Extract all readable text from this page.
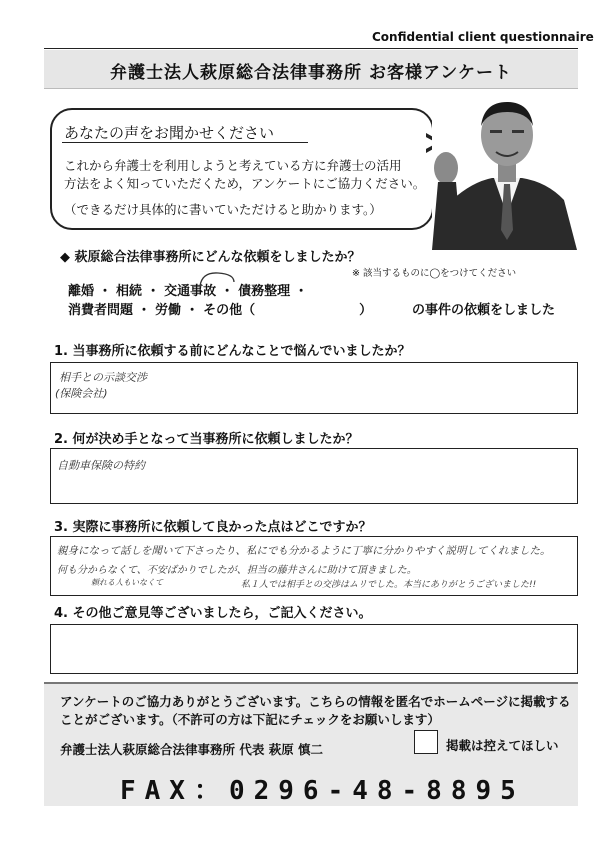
Confidential client questionnaire
弁護士法人萩原総合法律事務所 お客様アンケート
あなたの声をお聞かせください
これから弁護士を利用しようと考えている方に弁護士の活用
方法をよく知っていただくため，アンケートにご協力ください。
（できるだけ具体的に書いていただけると助かります。）
◆ 萩原総合法律事務所にどんな依頼をしましたか？
※ 該当するものに◯をつけてください
離婚 ・ 相続 ・ 交通事故 ・ 債務整理 ・
消費者問題 ・ 労働 ・ その他（　　　　　　　　）	の事件の依頼をしました
1. 当事務所に依頼する前にどんなことで悩んでいましたか？
相手との示談交渉
(保険会社)
2. 何が決め手となって当事務所に依頼しましたか？
自動車保険の特約
3. 実際に事務所に依頼して良かった点はどこですか？
親身になって話しを聞いて下さったり、私にでも分かるように丁寧に分かりやすく説明してくれました。
何も分からなくて、不安ばかりでしたが、担当の藤井さんに助けて頂きました。
頼れる人もいなくて	私１人では相手との交渉はムリでした。本当にありがとうございました!!
4. その他ご意見等ございましたら，ご記入ください。
アンケートのご協力ありがとうございます。こちらの情報を匿名でホームページに掲載する
ことがございます。（不許可の方は下記にチェックをお願いします）
弁護士法人萩原総合法律事務所 代表 萩原 慎二	掲載は控えてほしい
FAX：0296-48-8895
